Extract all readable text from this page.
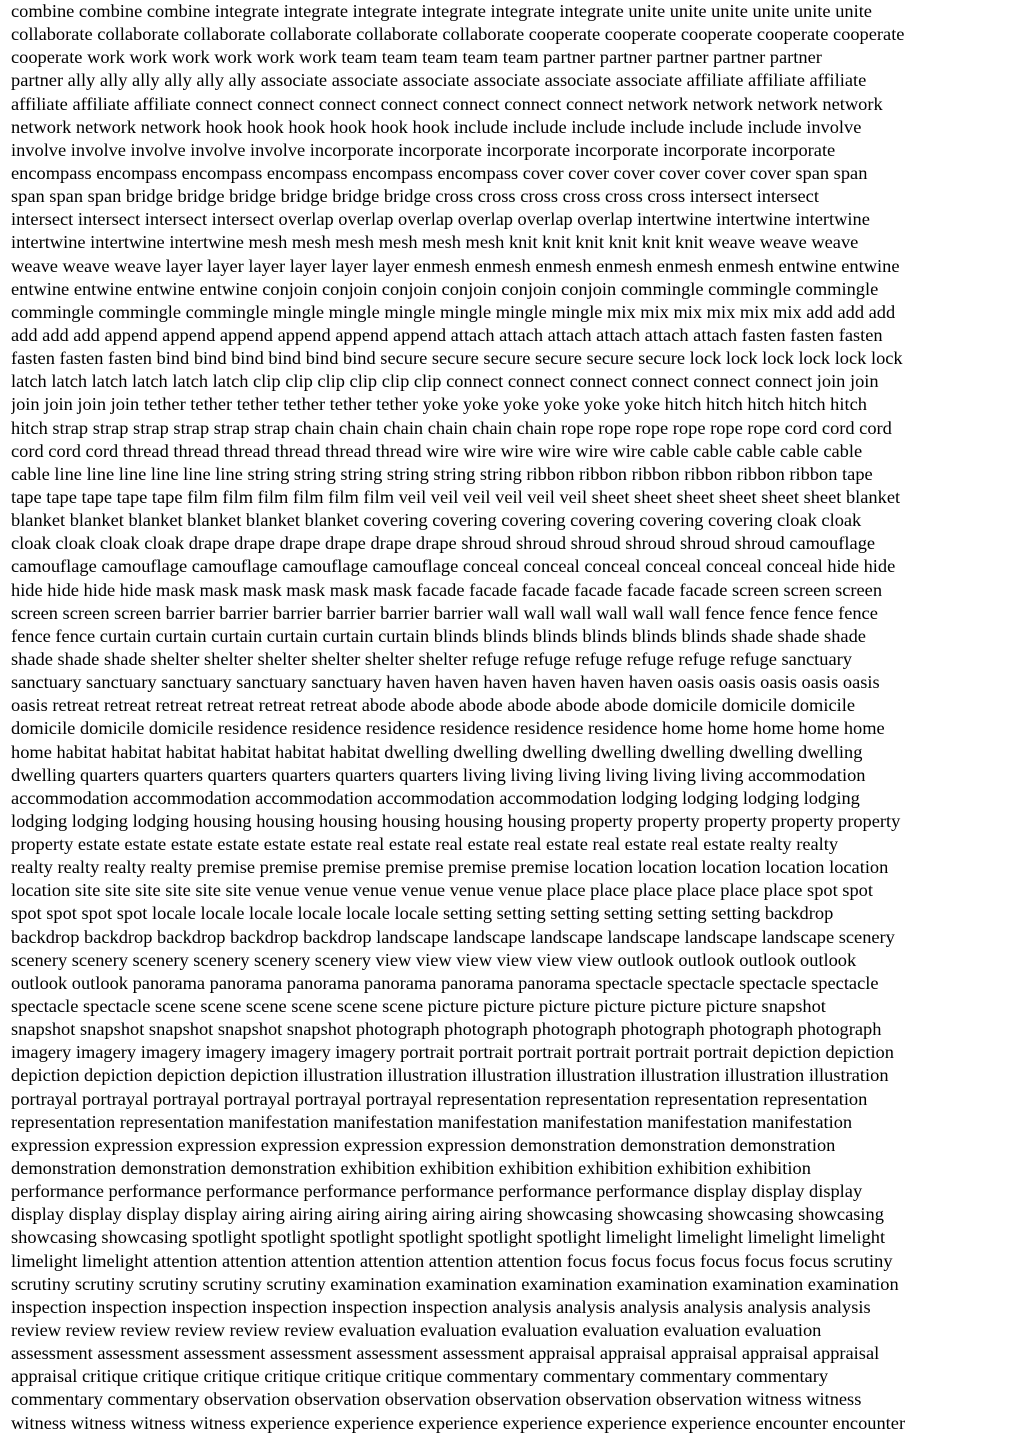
combine combine combine integrate integrate integrate integrate integrate integrate unite unite unite unite unite unite
collaborate collaborate collaborate collaborate collaborate collaborate cooperate cooperate cooperate cooperate cooperate
cooperate work work work work work work team team team team team partner partner partner partner partner
partner ally ally ally ally ally ally associate associate associate associate associate associate affiliate affiliate affiliate
affiliate affiliate affiliate connect connect connect connect connect connect connect network network network network
network network network hook hook hook hook hook hook include include include include include include involve
involve involve involve involve involve incorporate incorporate incorporate incorporate incorporate incorporate
encompass encompass encompass encompass encompass encompass cover cover cover cover cover cover span span
span span span bridge bridge bridge bridge bridge bridge cross cross cross cross cross cross intersect intersect
intersect intersect intersect intersect overlap overlap overlap overlap overlap overlap intertwine intertwine intertwine
intertwine intertwine intertwine mesh mesh mesh mesh mesh mesh knit knit knit knit knit knit weave weave weave
weave weave weave layer layer layer layer layer layer enmesh enmesh enmesh enmesh enmesh enmesh entwine entwine
entwine entwine entwine entwine conjoin conjoin conjoin conjoin conjoin conjoin commingle commingle commingle
commingle commingle commingle mingle mingle mingle mingle mingle mingle mix mix mix mix mix mix add add add
add add add append append append append append append attach attach attach attach attach attach fasten fasten fasten
fasten fasten fasten bind bind bind bind bind bind secure secure secure secure secure secure lock lock lock lock lock lock
latch latch latch latch latch latch clip clip clip clip clip clip connect connect connect connect connect connect join join
join join join join tether tether tether tether tether tether yoke yoke yoke yoke yoke yoke hitch hitch hitch hitch hitch
hitch strap strap strap strap strap strap chain chain chain chain chain chain rope rope rope rope rope rope cord cord cord
cord cord cord thread thread thread thread thread thread wire wire wire wire wire wire cable cable cable cable cable
cable line line line line line line string string string string string string ribbon ribbon ribbon ribbon ribbon ribbon tape
tape tape tape tape tape film film film film film film veil veil veil veil veil veil sheet sheet sheet sheet sheet sheet blanket
blanket blanket blanket blanket blanket blanket covering covering covering covering covering covering cloak cloak
cloak cloak cloak cloak drape drape drape drape drape drape shroud shroud shroud shroud shroud shroud camouflage
camouflage camouflage camouflage camouflage camouflage conceal conceal conceal conceal conceal conceal hide hide
hide hide hide hide mask mask mask mask mask mask facade facade facade facade facade facade screen screen screen
screen screen screen barrier barrier barrier barrier barrier barrier wall wall wall wall wall wall fence fence fence fence
fence fence curtain curtain curtain curtain curtain curtain blinds blinds blinds blinds blinds blinds shade shade shade
shade shade shade shelter shelter shelter shelter shelter shelter refuge refuge refuge refuge refuge refuge sanctuary
sanctuary sanctuary sanctuary sanctuary sanctuary haven haven haven haven haven haven oasis oasis oasis oasis oasis
oasis retreat retreat retreat retreat retreat retreat abode abode abode abode abode abode domicile domicile domicile
domicile domicile domicile residence residence residence residence residence residence home home home home home
home habitat habitat habitat habitat habitat habitat dwelling dwelling dwelling dwelling dwelling dwelling dwelling
dwelling quarters quarters quarters quarters quarters quarters living living living living living living accommodation
accommodation accommodation accommodation accommodation accommodation lodging lodging lodging lodging
lodging lodging lodging housing housing housing housing housing housing property property property property property
property estate estate estate estate estate estate real estate real estate real estate real estate real estate realty realty
realty realty realty realty premise premise premise premise premise premise location location location location location
location site site site site site site venue venue venue venue venue venue place place place place place place spot spot
spot spot spot spot locale locale locale locale locale locale setting setting setting setting setting setting backdrop
backdrop backdrop backdrop backdrop backdrop landscape landscape landscape landscape landscape landscape scenery
scenery scenery scenery scenery scenery scenery view view view view view view outlook outlook outlook outlook
outlook outlook panorama panorama panorama panorama panorama panorama spectacle spectacle spectacle spectacle
spectacle spectacle scene scene scene scene scene scene picture picture picture picture picture picture snapshot
snapshot snapshot snapshot snapshot snapshot photograph photograph photograph photograph photograph photograph
imagery imagery imagery imagery imagery imagery portrait portrait portrait portrait portrait portrait depiction depiction
depiction depiction depiction depiction illustration illustration illustration illustration illustration illustration illustration
portrayal portrayal portrayal portrayal portrayal portrayal representation representation representation representation
representation representation manifestation manifestation manifestation manifestation manifestation manifestation
expression expression expression expression expression expression demonstration demonstration demonstration
demonstration demonstration demonstration exhibition exhibition exhibition exhibition exhibition exhibition
performance performance performance performance performance performance performance display display display
display display display display airing airing airing airing airing airing showcasing showcasing showcasing showcasing
showcasing showcasing spotlight spotlight spotlight spotlight spotlight spotlight limelight limelight limelight limelight
limelight limelight attention attention attention attention attention attention focus focus focus focus focus focus scrutiny
scrutiny scrutiny scrutiny scrutiny scrutiny examination examination examination examination examination examination
inspection inspection inspection inspection inspection inspection analysis analysis analysis analysis analysis analysis
review review review review review review evaluation evaluation evaluation evaluation evaluation evaluation
assessment assessment assessment assessment assessment assessment appraisal appraisal appraisal appraisal appraisal
appraisal critique critique critique critique critique critique commentary commentary commentary commentary
commentary commentary observation observation observation observation observation observation witness witness
witness witness witness witness experience experience experience experience experience experience encounter encounter
